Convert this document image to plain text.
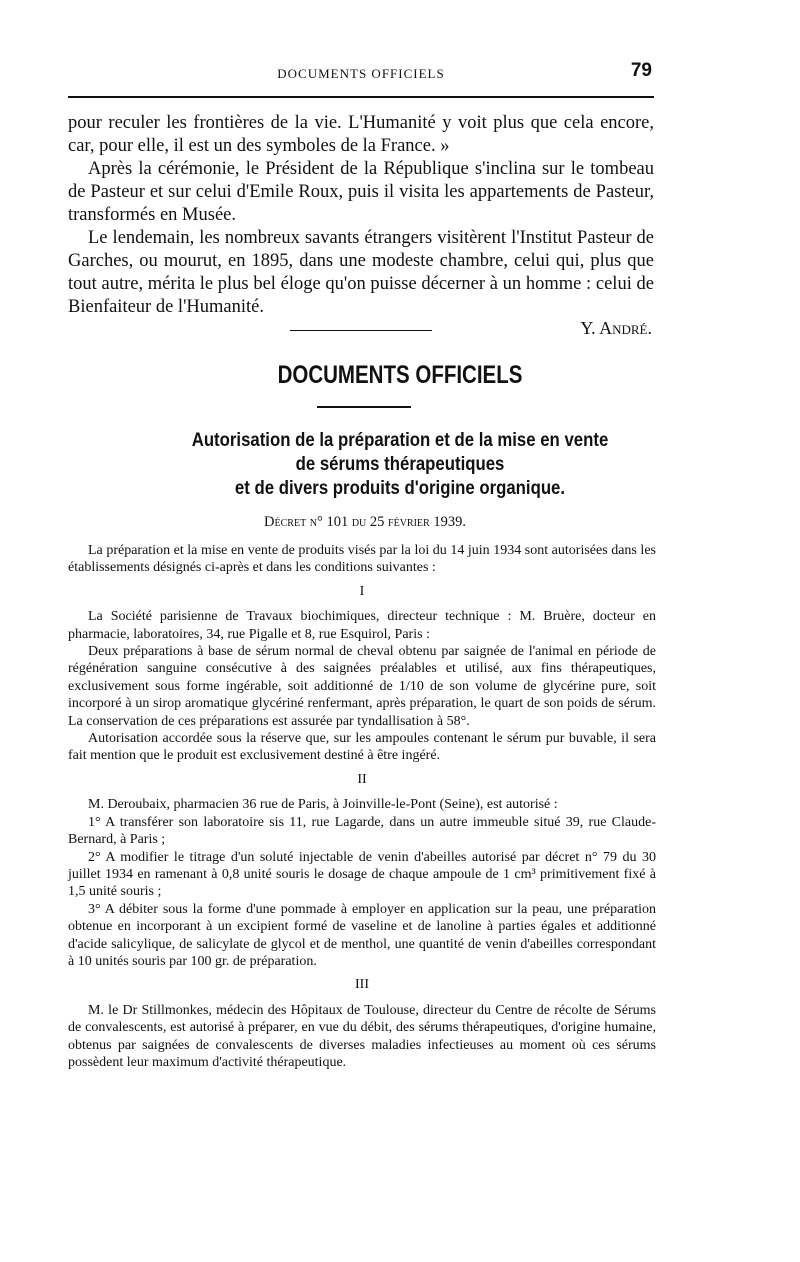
DOCUMENTS OFFICIELS	79

pour reculer les frontières de la vie. L'Humanité y voit plus que cela encore, car, pour elle, il est un des symboles de la France. »

Après la cérémonie, le Président de la République s'inclina sur le tombeau de Pasteur et sur celui d'Emile Roux, puis il visita les appartements de Pasteur, transformés en Musée.

Le lendemain, les nombreux savants étrangers visitèrent l'Institut Pasteur de Garches, ou mourut, en 1895, dans une modeste chambre, celui qui, plus que tout autre, mérita le plus bel éloge qu'on puisse décerner à un homme : celui de Bienfaiteur de l'Humanité.

Y. André.
DOCUMENTS OFFICIELS
Autorisation de la préparation et de la mise en vente
de sérums thérapeutiques
et de divers produits d'origine organique.
Décret n° 101 du 25 février 1939.

La préparation et la mise en vente de produits visés par la loi du 14 juin 1934 sont autorisées dans les établissements désignés ci-après et dans les conditions suivantes :

I

La Société parisienne de Travaux biochimiques, directeur technique : M. Bruère, docteur en pharmacie, laboratoires, 34, rue Pigalle et 8, rue Esquirol, Paris :

Deux préparations à base de sérum normal de cheval obtenu par saignée de l'animal en période de régénération sanguine consécutive à des saignées préalables et utilisé, aux fins thérapeutiques, exclusivement sous forme ingérable, soit additionné de 1/10 de son volume de glycérine pure, soit incorporé à un sirop aromatique glycériné renfermant, après préparation, le quart de son poids de sérum. La conservation de ces préparations est assurée par tyndallisation à 58°.

Autorisation accordée sous la réserve que, sur les ampoules contenant le sérum pur buvable, il sera fait mention que le produit est exclusivement destiné à être ingéré.

II

M. Deroubaix, pharmacien 36 rue de Paris, à Joinville-le-Pont (Seine), est autorisé :

1° A transférer son laboratoire sis 11, rue Lagarde, dans un autre immeuble situé 39, rue Claude-Bernard, à Paris ;

2° A modifier le titrage d'un soluté injectable de venin d'abeilles autorisé par décret n° 79 du 30 juillet 1934 en ramenant à 0,8 unité souris le dosage de chaque ampoule de 1 cm³ primitivement fixé à 1,5 unité souris ;

3° A débiter sous la forme d'une pommade à employer en application sur la peau, une préparation obtenue en incorporant à un excipient formé de vaseline et de lanoline à parties égales et additionné d'acide salicylique, de salicylate de glycol et de menthol, une quantité de venin d'abeilles correspondant à 10 unités souris par 100 gr. de préparation.

III

M. le Dr Stillmonkes, médecin des Hôpitaux de Toulouse, directeur du Centre de récolte de Sérums de convalescents, est autorisé à préparer, en vue du débit, des sérums thérapeutiques, d'origine humaine, obtenus par saignées de convalescents de diverses maladies infectieuses au moment où ces sérums possèdent leur maximum d'activité thérapeutique.
